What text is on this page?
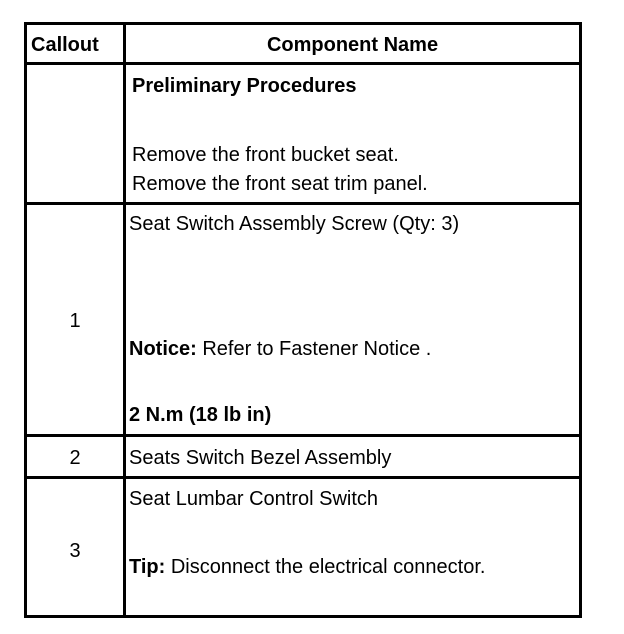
Callout	Component Name
Preliminary Procedures
Remove the front bucket seat.
Remove the front seat trim panel.
1
Seat Switch Assembly Screw (Qty: 3)
Notice: Refer to Fastener Notice .
2 N.m (18 lb in)
2	Seats Switch Bezel Assembly
3
Seat Lumbar Control Switch
Tip: Disconnect the electrical connector.
